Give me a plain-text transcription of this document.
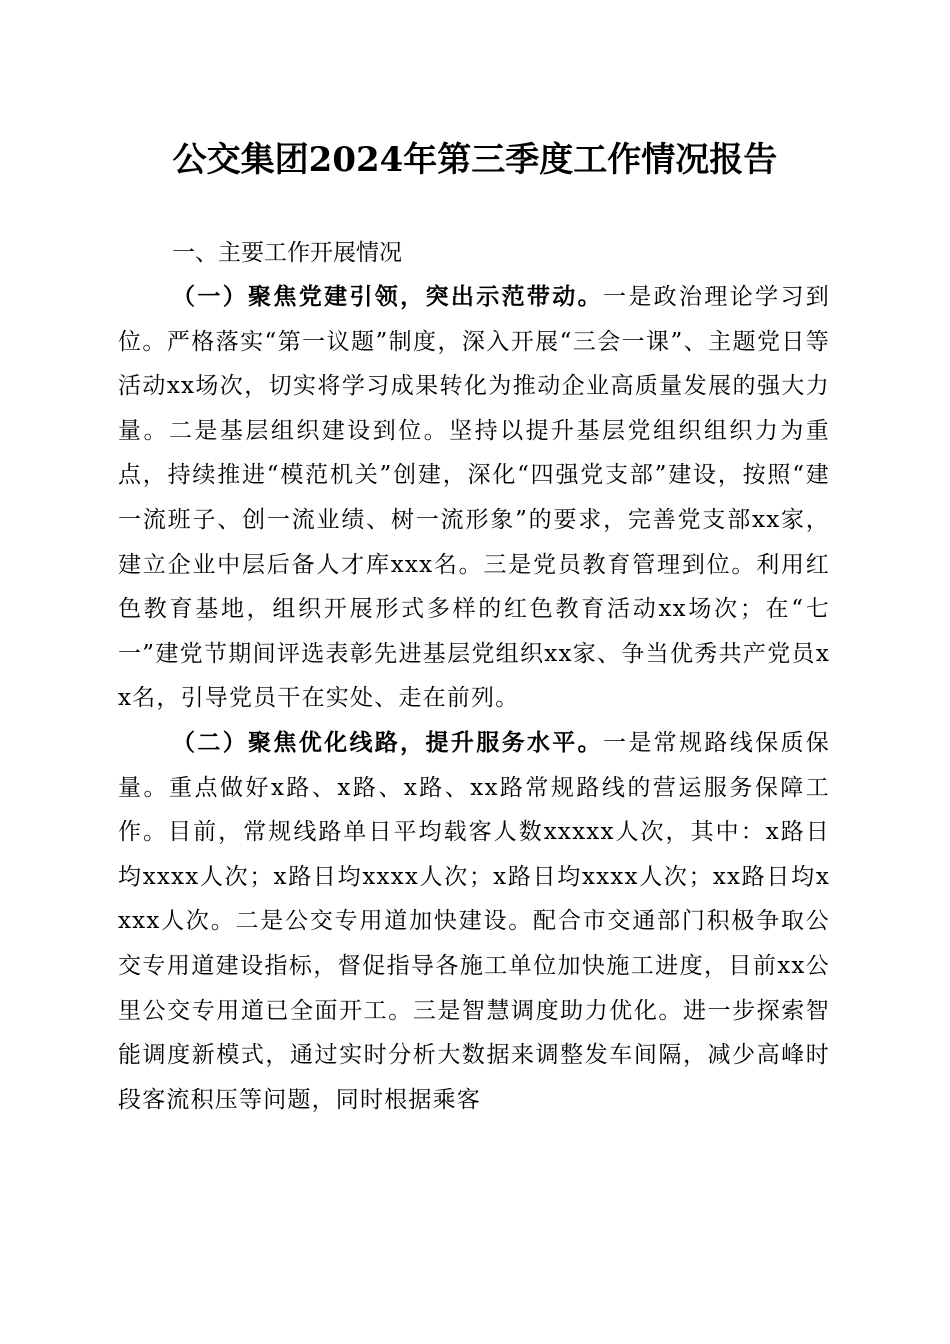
公交集团2024年第三季度工作情况报告
一、主要工作开展情况

（一）聚焦党建引领，突出示范带动。一是政治理论学习到位。严格落实“第一议题”制度，深入开展“三会一课”、主题党日等活动xx场次，切实将学习成果转化为推动企业高质量发展的强大力量。二是基层组织建设到位。坚持以提升基层党组织组织力为重点，持续推进“模范机关”创建，深化“四强党支部”建设，按照“建一流班子、创一流业绩、树一流形象”的要求，完善党支部xx家，建立企业中层后备人才库xxx名。三是党员教育管理到位。利用红色教育基地，组织开展形式多样的红色教育活动xx场次；在“七一”建党节期间评选表彰先进基层党组织xx家、争当优秀共产党员xx名，引导党员干在实处、走在前列。

（二）聚焦优化线路，提升服务水平。一是常规路线保质保量。重点做好x路、x路、x路、xx路常规路线的营运服务保障工作。目前，常规线路单日平均载客人数xxxxx人次，其中：x路日均xxxx人次；x路日均xxxx人次；x路日均xxxx人次；xx路日均xxxx人次。二是公交专用道加快建设。配合市交通部门积极争取公交专用道建设指标，督促指导各施工单位加快施工进度，目前xx公里公交专用道已全面开工。三是智慧调度助力优化。进一步探索智能调度新模式，通过实时分析大数据来调整发车间隔，减少高峰时段客流积压等问题，同时根据乘客
